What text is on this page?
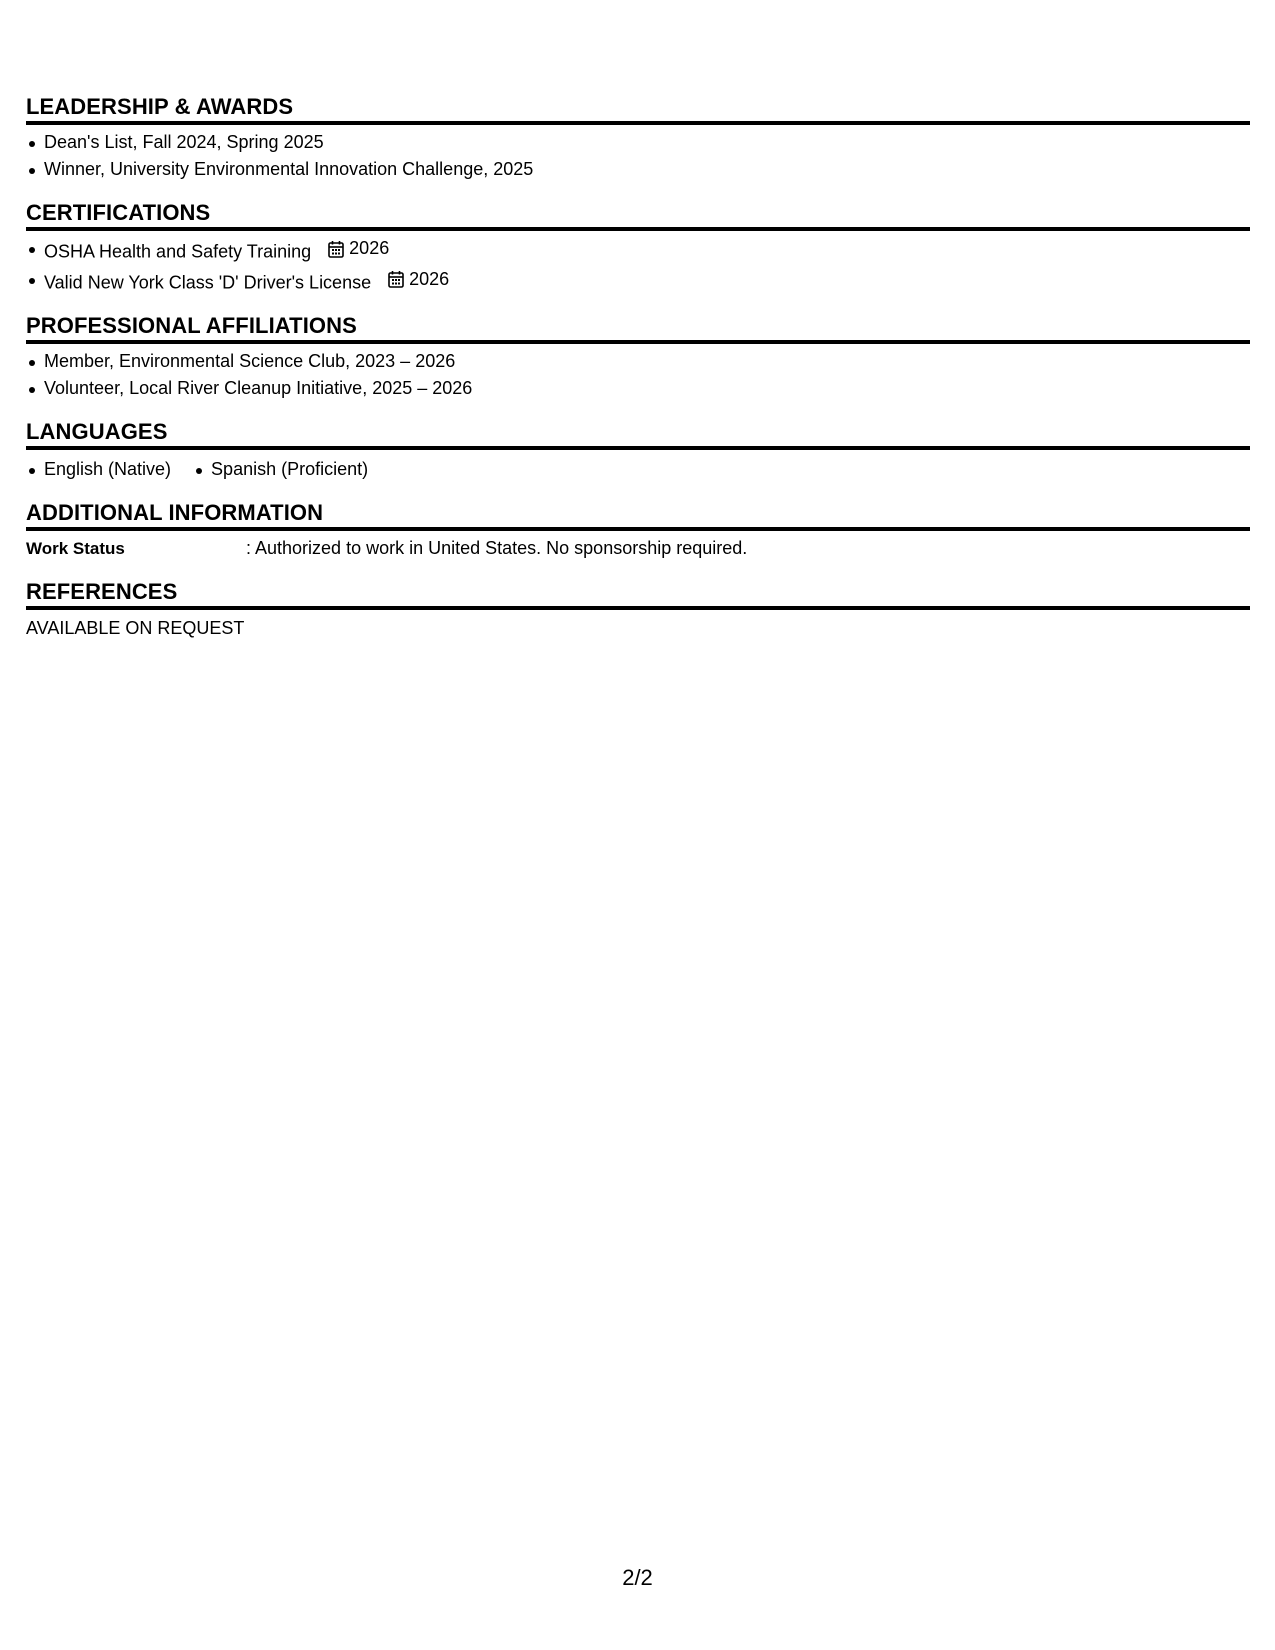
LEADERSHIP & AWARDS
Dean's List, Fall 2024, Spring 2025
Winner, University Environmental Innovation Challenge, 2025
CERTIFICATIONS
OSHA Health and Safety Training 2026
Valid New York Class 'D' Driver's License 2026
PROFESSIONAL AFFILIATIONS
Member, Environmental Science Club, 2023 – 2026
Volunteer, Local River Cleanup Initiative, 2025 – 2026
LANGUAGES
English (Native)	Spanish (Proficient)
ADDITIONAL INFORMATION
Work Status	: Authorized to work in United States. No sponsorship required.
REFERENCES
AVAILABLE ON REQUEST
2/2
